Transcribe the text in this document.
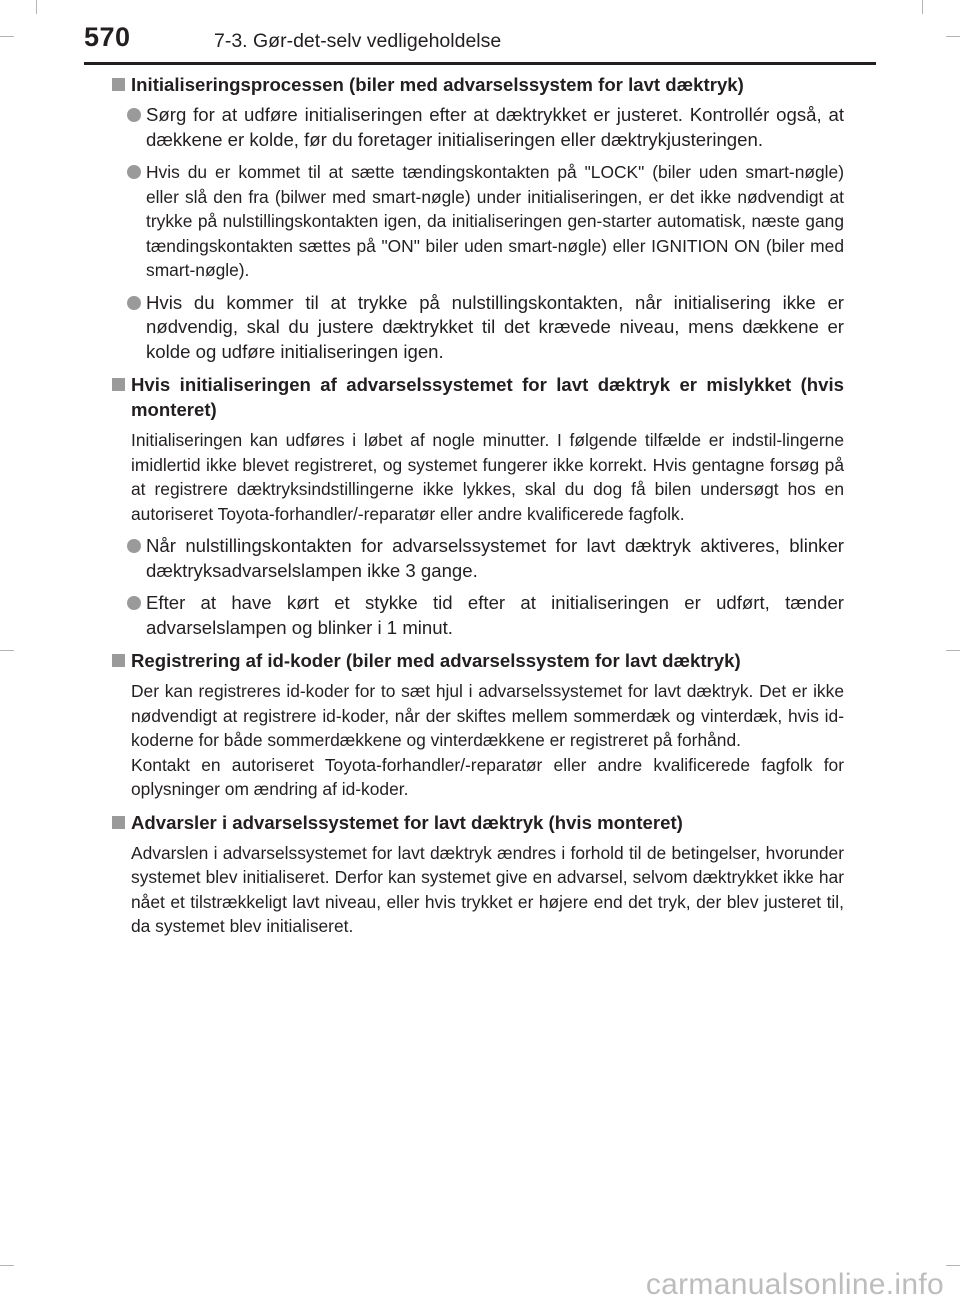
570	7-3. Gør-det-selv vedligeholdelse
Initialiseringsprocessen (biler med advarselssystem for lavt dæktryk)
Sørg for at udføre initialiseringen efter at dæktrykket er justeret. Kontrollér også, at dækkene er kolde, før du foretager initialiseringen eller dæktrykjusteringen.
Hvis du er kommet til at sætte tændingskontakten på "LOCK" (biler uden smart-nøgle) eller slå den fra (bilwer med smart-nøgle) under initialiseringen, er det ikke nødvendigt at trykke på nulstillingskontakten igen, da initialiseringen gen-starter automatisk, næste gang tændingskontakten sættes på "ON" biler uden smart-nøgle) eller IGNITION ON (biler med smart-nøgle).
Hvis du kommer til at trykke på nulstillingskontakten, når initialisering ikke er nødvendig, skal du justere dæktrykket til det krævede niveau, mens dækkene er kolde og udføre initialiseringen igen.
Hvis initialiseringen af advarselssystemet for lavt dæktryk er mislykket (hvis monteret)

Initialiseringen kan udføres i løbet af nogle minutter. I følgende tilfælde er indstil-lingerne imidlertid ikke blevet registreret, og systemet fungerer ikke korrekt. Hvis gentagne forsøg på at registrere dæktryksindstillingerne ikke lykkes, skal du dog få bilen undersøgt hos en autoriseret Toyota-forhandler/-reparatør eller andre kvalificerede fagfolk.

Når nulstillingskontakten for advarselssystemet for lavt dæktryk aktiveres, blinker dæktryksadvarselslampen ikke 3 gange.
Efter at have kørt et stykke tid efter at initialiseringen er udført, tænder advarselslampen og blinker i 1 minut.
Registrering af id-koder (biler med advarselssystem for lavt dæktryk)

Der kan registreres id-koder for to sæt hjul i advarselssystemet for lavt dæktryk. Det er ikke nødvendigt at registrere id-koder, når der skiftes mellem sommerdæk og vinterdæk, hvis id-koderne for både sommerdækkene og vinterdækkene er registreret på forhånd.

Kontakt en autoriseret Toyota-forhandler/-reparatør eller andre kvalificerede fagfolk for oplysninger om ændring af id-koder.

Advarsler i advarselssystemet for lavt dæktryk (hvis monteret)

Advarslen i advarselssystemet for lavt dæktryk ændres i forhold til de betingelser, hvorunder systemet blev initialiseret. Derfor kan systemet give en advarsel, selvom dæktrykket ikke har nået et tilstrækkeligt lavt niveau, eller hvis trykket er højere end det tryk, der blev justeret til, da systemet blev initialiseret.

carmanualsonline.info
